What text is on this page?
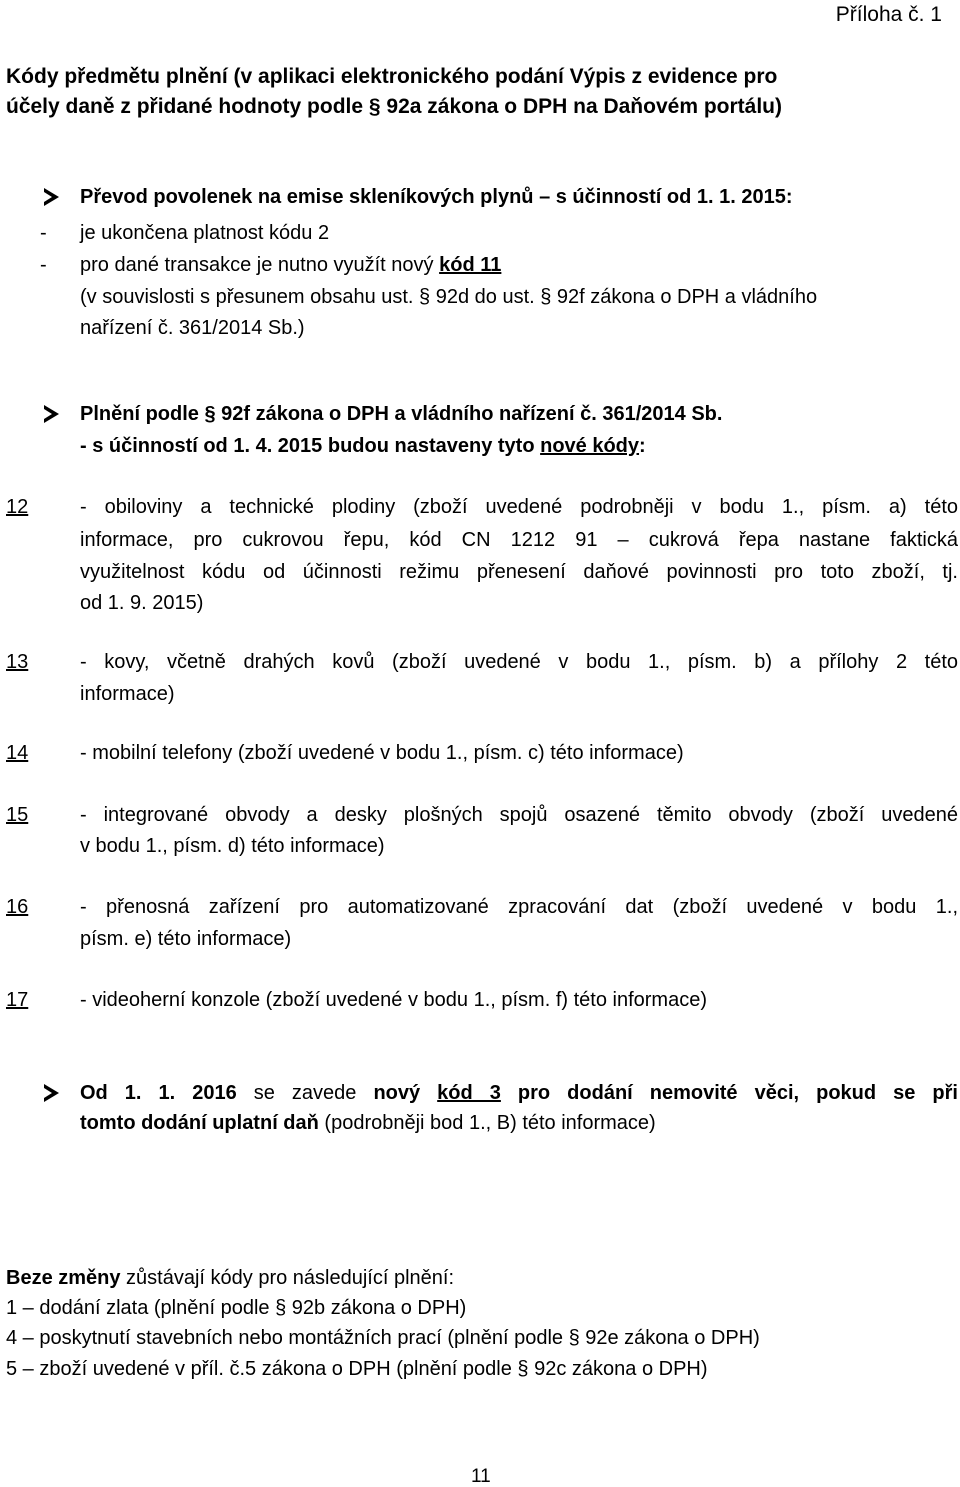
Příloha č. 1
Kódy předmětu plnění (v aplikaci elektronického podání Výpis z evidence pro
účely daně z přidané hodnoty podle § 92a zákona o DPH na Daňovém portálu)
Převod povolenek na emise skleníkových plynů – s účinností od 1. 1. 2015:
- je ukončena platnost kódu 2
- pro dané transakce je nutno využít nový kód 11
(v souvislosti s přesunem obsahu ust. § 92d do ust. § 92f zákona o DPH a vládního
nařízení č. 361/2014 Sb.)
Plnění podle § 92f zákona o DPH a vládního nařízení č. 361/2014 Sb.
- s účinností od 1. 4. 2015 budou nastaveny tyto nové kódy:
12	- obiloviny a technické plodiny (zboží uvedené podrobněji v bodu 1., písm. a) této
informace, pro cukrovou řepu, kód CN 1212 91 – cukrová řepa nastane faktická
využitelnost kódu od účinnosti režimu přenesení daňové povinnosti pro toto zboží, tj.
od 1. 9. 2015)
13	- kovy, včetně drahých kovů (zboží uvedené v bodu 1., písm. b) a přílohy 2 této
informace)
14	- mobilní telefony (zboží uvedené v bodu 1., písm. c) této informace)
15	- integrované obvody a desky plošných spojů osazené těmito obvody (zboží uvedené
v bodu 1., písm. d) této informace)
16	- přenosná zařízení pro automatizované zpracování dat (zboží uvedené v bodu 1.,
písm. e) této informace)
17	- videoherní konzole (zboží uvedené v bodu 1., písm. f) této informace)
Od 1. 1. 2016 se zavede nový kód 3 pro dodání nemovité věci, pokud se při
tomto dodání uplatní daň (podrobněji bod 1., B) této informace)
Beze změny zůstávají kódy pro následující plnění:
1 – dodání zlata (plnění podle § 92b zákona o DPH)
4 – poskytnutí stavebních nebo montážních prací (plnění podle § 92e zákona o DPH)
5 – zboží uvedené v příl. č.5 zákona o DPH (plnění podle § 92c zákona o DPH)
11
